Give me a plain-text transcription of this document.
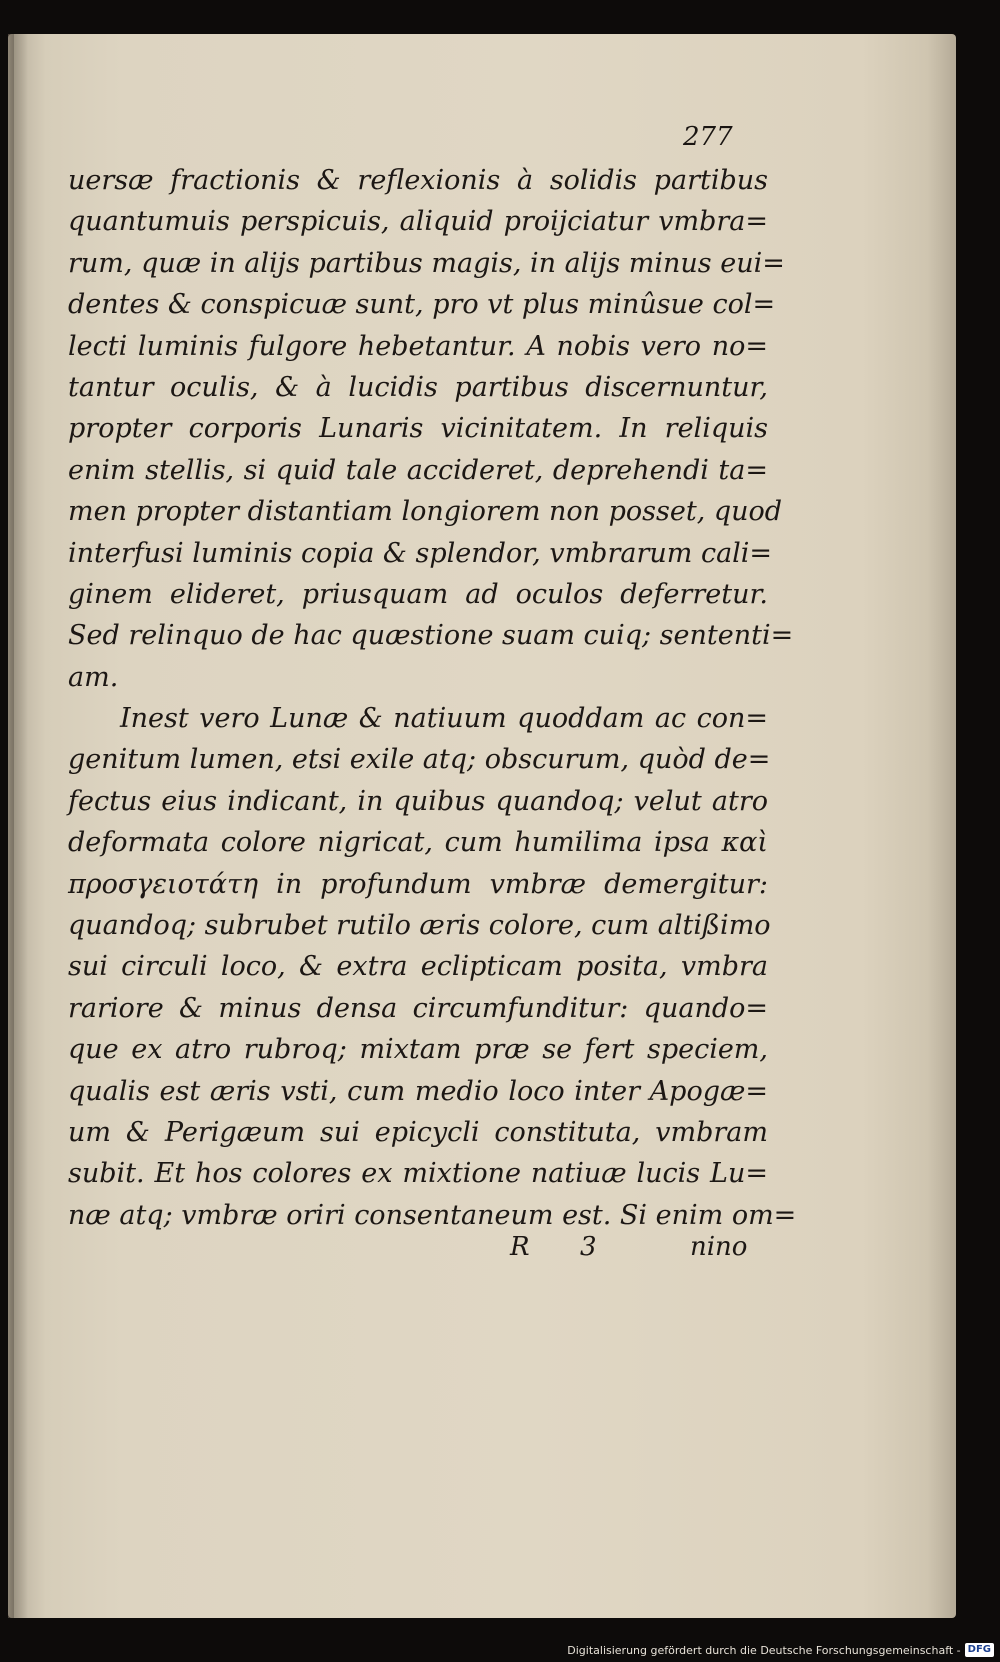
277
uersæ fractionis & reflexionis à solidis partibus
quantumuis perspicuis, aliquid proijciatur vmbra=
rum, quæ in alijs partibus magis, in alijs minus eui=
dentes & conspicuæ sunt, pro vt plus minûsue col=
lecti luminis fulgore hebetantur. A nobis vero no=
tantur oculis, & à lucidis partibus discernuntur,
propter corporis Lunaris vicinitatem. In reliquis
enim stellis, si quid tale accideret, deprehendi ta=
men propter distantiam longiorem non posset, quod
interfusi luminis copia & splendor, vmbrarum cali=
ginem elideret, priusquam ad oculos deferretur.
Sed relinquo de hac quæstione suam cuiq; sententi=
am.
Inest vero Lunæ & natiuum quoddam ac con=
genitum lumen, etsi exile atq; obscurum, quòd de=
fectus eius indicant, in quibus quandoq; velut atro
deformata colore nigricat, cum humilima ipsa καὶ
προσγειοτάτη in profundum vmbræ demergitur:
quandoq; subrubet rutilo æris colore, cum altißimo
sui circuli loco, & extra eclipticam posita, vmbra
rariore & minus densa circumfunditur: quando=
que ex atro rubroq; mixtam præ se fert speciem,
qualis est æris vsti, cum medio loco inter Apogæ=
um & Perigæum sui epicycli constituta, vmbram
subit. Et hos colores ex mixtione natiuæ lucis Lu=
næ atq; vmbræ oriri consentaneum est. Si enim om=
R 3	nino
Digitalisierung gefördert durch die Deutsche Forschungsgemeinschaft - DFG
